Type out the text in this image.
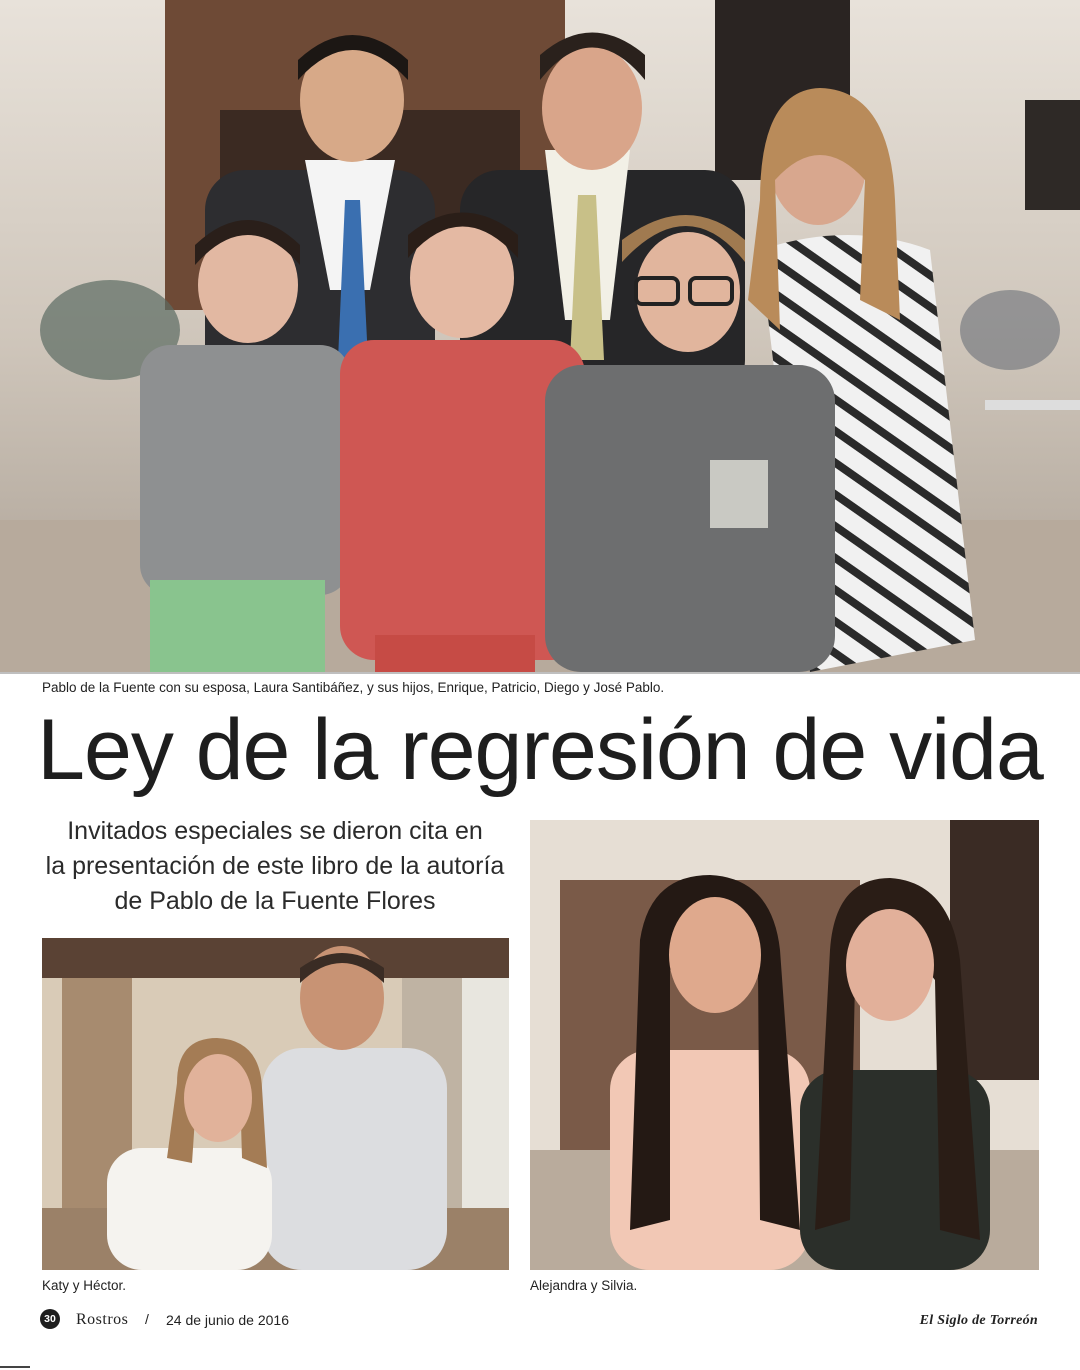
Pablo de la Fuente con su esposa, Laura Santibáñez, y sus hijos, Enrique, Patricio, Diego y José Pablo.
Ley de la regresión de vida
Invitados especiales se dieron cita en
la presentación de este libro de la autoría
de Pablo de la Fuente Flores
Katy y Héctor.	Alejandra y Silvia.
30 Rostros / 24 de junio de 2016	El Siglo de Torreón
